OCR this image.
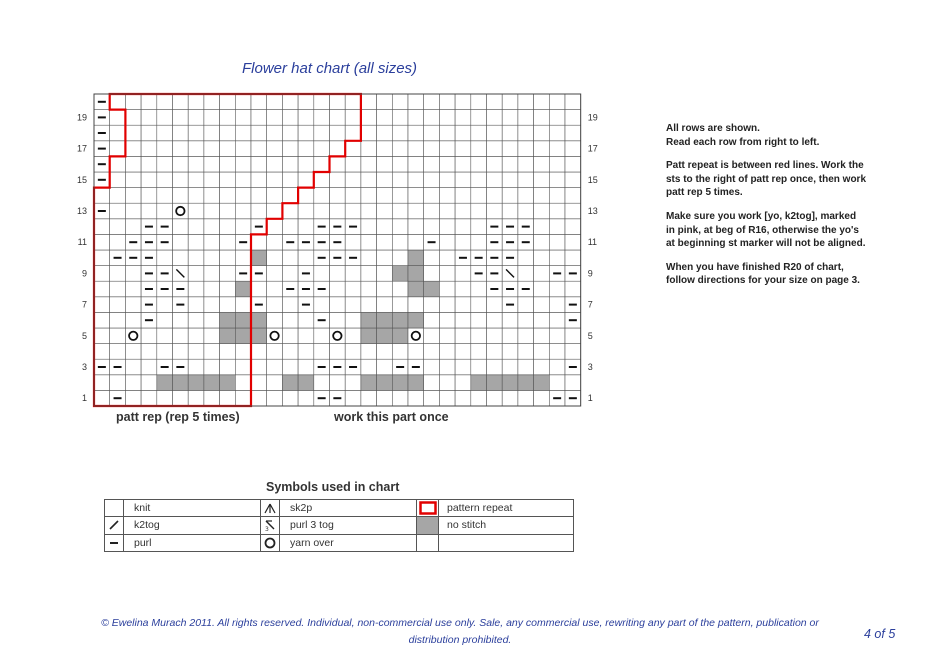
Flower hat chart (all sizes)
19	19
17	17
15	15
13	13
11	11
9	9
7	7
5	5
3	3
1	1

All rows are shown.
Read each row from right to left.

Patt repeat is between red lines. Work the sts to the right of patt rep once, then work patt rep 5 times.

Make sure you work [yo, k2tog], marked in pink, at beg of R16, otherwise the yo's at beginning st marker will not be aligned.

When you have finished R20 of chart, follow directions for your size on page 3.

patt rep (rep 5 times)	work this part once
Symbols used in chart
	knit		sk2p		pattern repeat

	k2tog	3	purl 3 tog		no stitch

	purl		yarn over		
© Ewelina Murach 2011. All rights reserved. Individual, non-commercial use only. Sale, any commercial use, rewriting any part of the pattern, publication or distribution prohibited.	4 of 5
